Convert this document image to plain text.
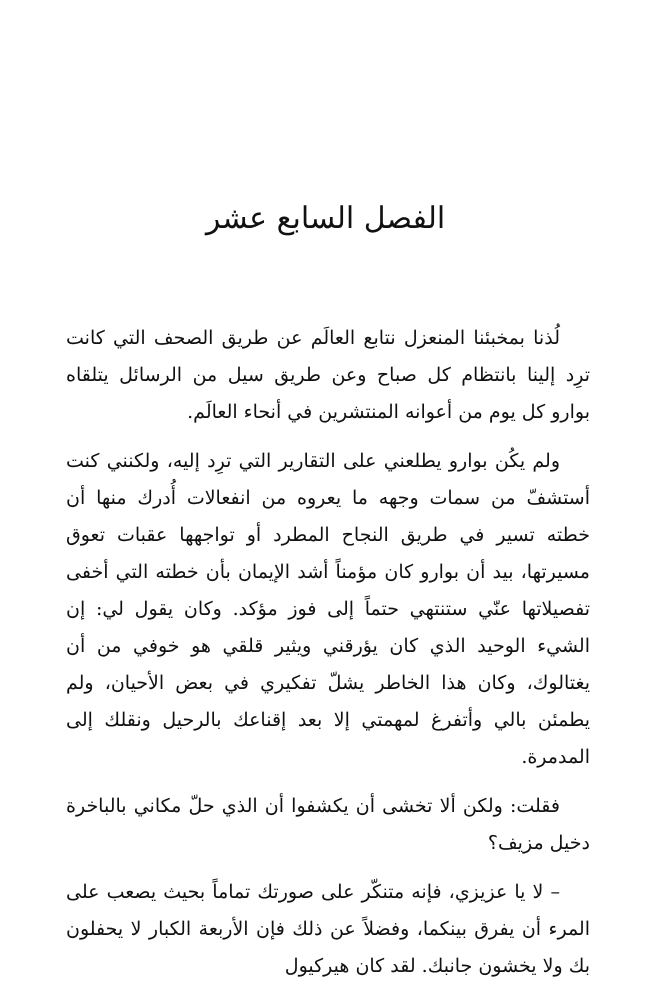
الفصل السابع عشر

لُذنا بمخبئنا المنعزل نتابع العالَم عن طريق الصحف التي كانت ترِد إلينا بانتظام كل صباح وعن طريق سيل من الرسائل يتلقاه بوارو كل يوم من أعوانه المنتشرين في أنحاء العالَم.

ولم يكُن بوارو يطلعني على التقارير التي ترِد إليه، ولكنني كنت أستشفّ من سمات وجهه ما يعروه من انفعالات أُدرك منها أن خطته تسير في طريق النجاح المطرد أو تواجهها عقبات تعوق مسيرتها، بيد أن بوارو كان مؤمناً أشد الإيمان بأن خطته التي أخفى تفصيلاتها عنّي ستنتهي حتماً إلى فوز مؤكد. وكان يقول لي: إن الشيء الوحيد الذي كان يؤرقني ويثير قلقي هو خوفي من أن يغتالوك، وكان هذا الخاطر يشلّ تفكيري في بعض الأحيان، ولم يطمئن بالي وأتفرغ لمهمتي إلا بعد إقناعك بالرحيل ونقلك إلى المدمرة.

فقلت: ولكن ألا تخشى أن يكشفوا أن الذي حلّ مكاني بالباخرة دخيل مزيف؟

– لا يا عزيزي، فإنه متنكّر على صورتك تماماً بحيث يصعب على المرء أن يفرق بينكما، وفضلاً عن ذلك فإن الأربعة الكبار لا يحفلون بك ولا يخشون جانبك. لقد كان هيركيول
